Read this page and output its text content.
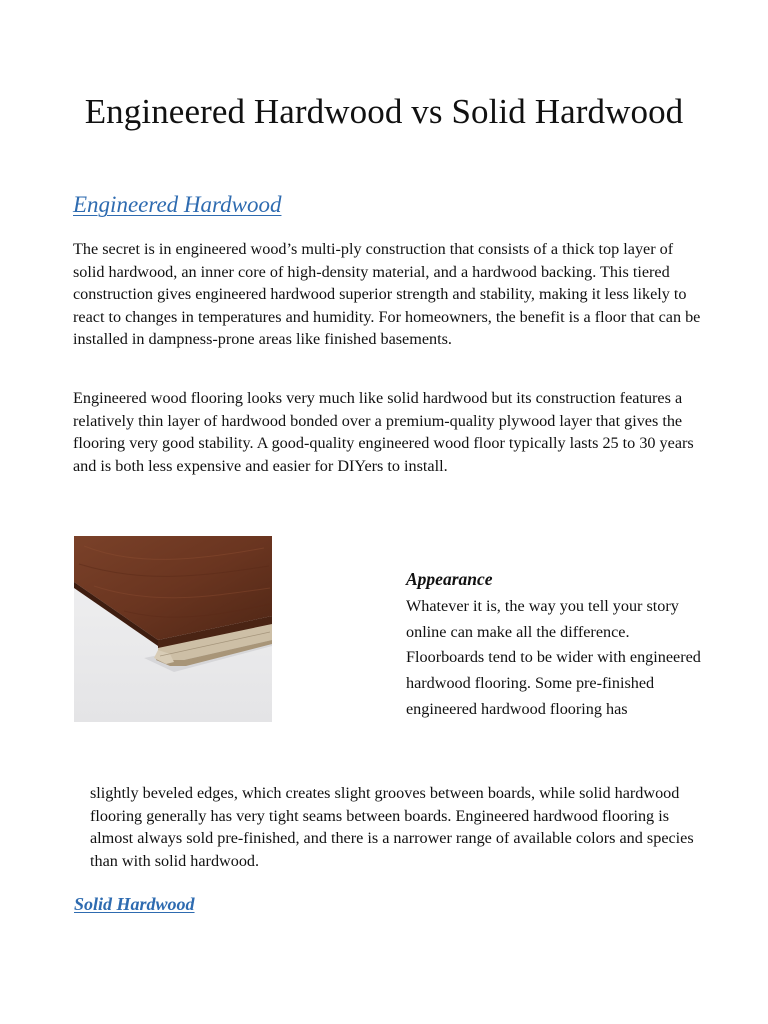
Engineered Hardwood vs Solid Hardwood
Engineered Hardwood

The secret is in engineered wood’s multi-ply construction that consists of a thick top layer of solid hardwood, an inner core of high-density material, and a hardwood backing. This tiered construction gives engineered hardwood superior strength and stability, making it less likely to react to changes in temperatures and humidity. For homeowners, the benefit is a floor that can be installed in dampness-prone areas like finished basements.

Engineered wood flooring looks very much like solid hardwood but its construction features a relatively thin layer of hardwood bonded over a premium-quality plywood layer that gives the flooring very good stability. A good-quality engineered wood floor typically lasts 25 to 30 years and is both less expensive and easier for DIYers to install.

Appearance

Whatever it is, the way you tell your story online can make all the difference. Floorboards tend to be wider with engineered hardwood flooring. Some pre-finished engineered hardwood flooring has

slightly beveled edges, which creates slight grooves between boards, while solid hardwood flooring generally has very tight seams between boards. Engineered hardwood flooring is almost always sold pre-finished, and there is a narrower range of available colors and species than with solid hardwood.

Solid Hardwood
